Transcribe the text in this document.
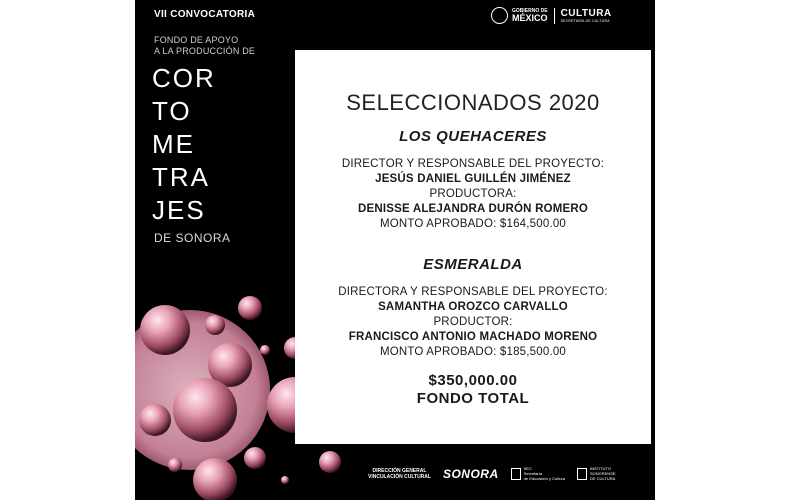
VII CONVOCATORIA
FONDO DE APOYO
A LA PRODUCCIÓN DE
COR
TO
ME
TRA
JES
DE SONORA
GOBIERNO DE
MÉXICO CULTURA
SECRETARÍA DE CULTURA
SELECCIONADOS 2020
LOS QUEHACERES
DIRECTOR Y RESPONSABLE DEL PROYECTO:
JESÚS DANIEL GUILLÉN JIMÉNEZ
PRODUCTORA:
DENISSE ALEJANDRA DURÓN ROMERO
MONTO APROBADO: $164,500.00
ESMERALDA
DIRECTORA Y RESPONSABLE DEL PROYECTO:
SAMANTHA OROZCO CARVALLO
PRODUCTOR:
FRANCISCO ANTONIO MACHADO MORENO
MONTO APROBADO: $185,500.00
$350,000.00
FONDO TOTAL
DIRECCIÓN GENERAL
VINCULACIÓN CULTURAL SONORA	SEC
Secretaría
de Educación y Cultura
INSTITUTO
SONORENSE
DE CULTURA
